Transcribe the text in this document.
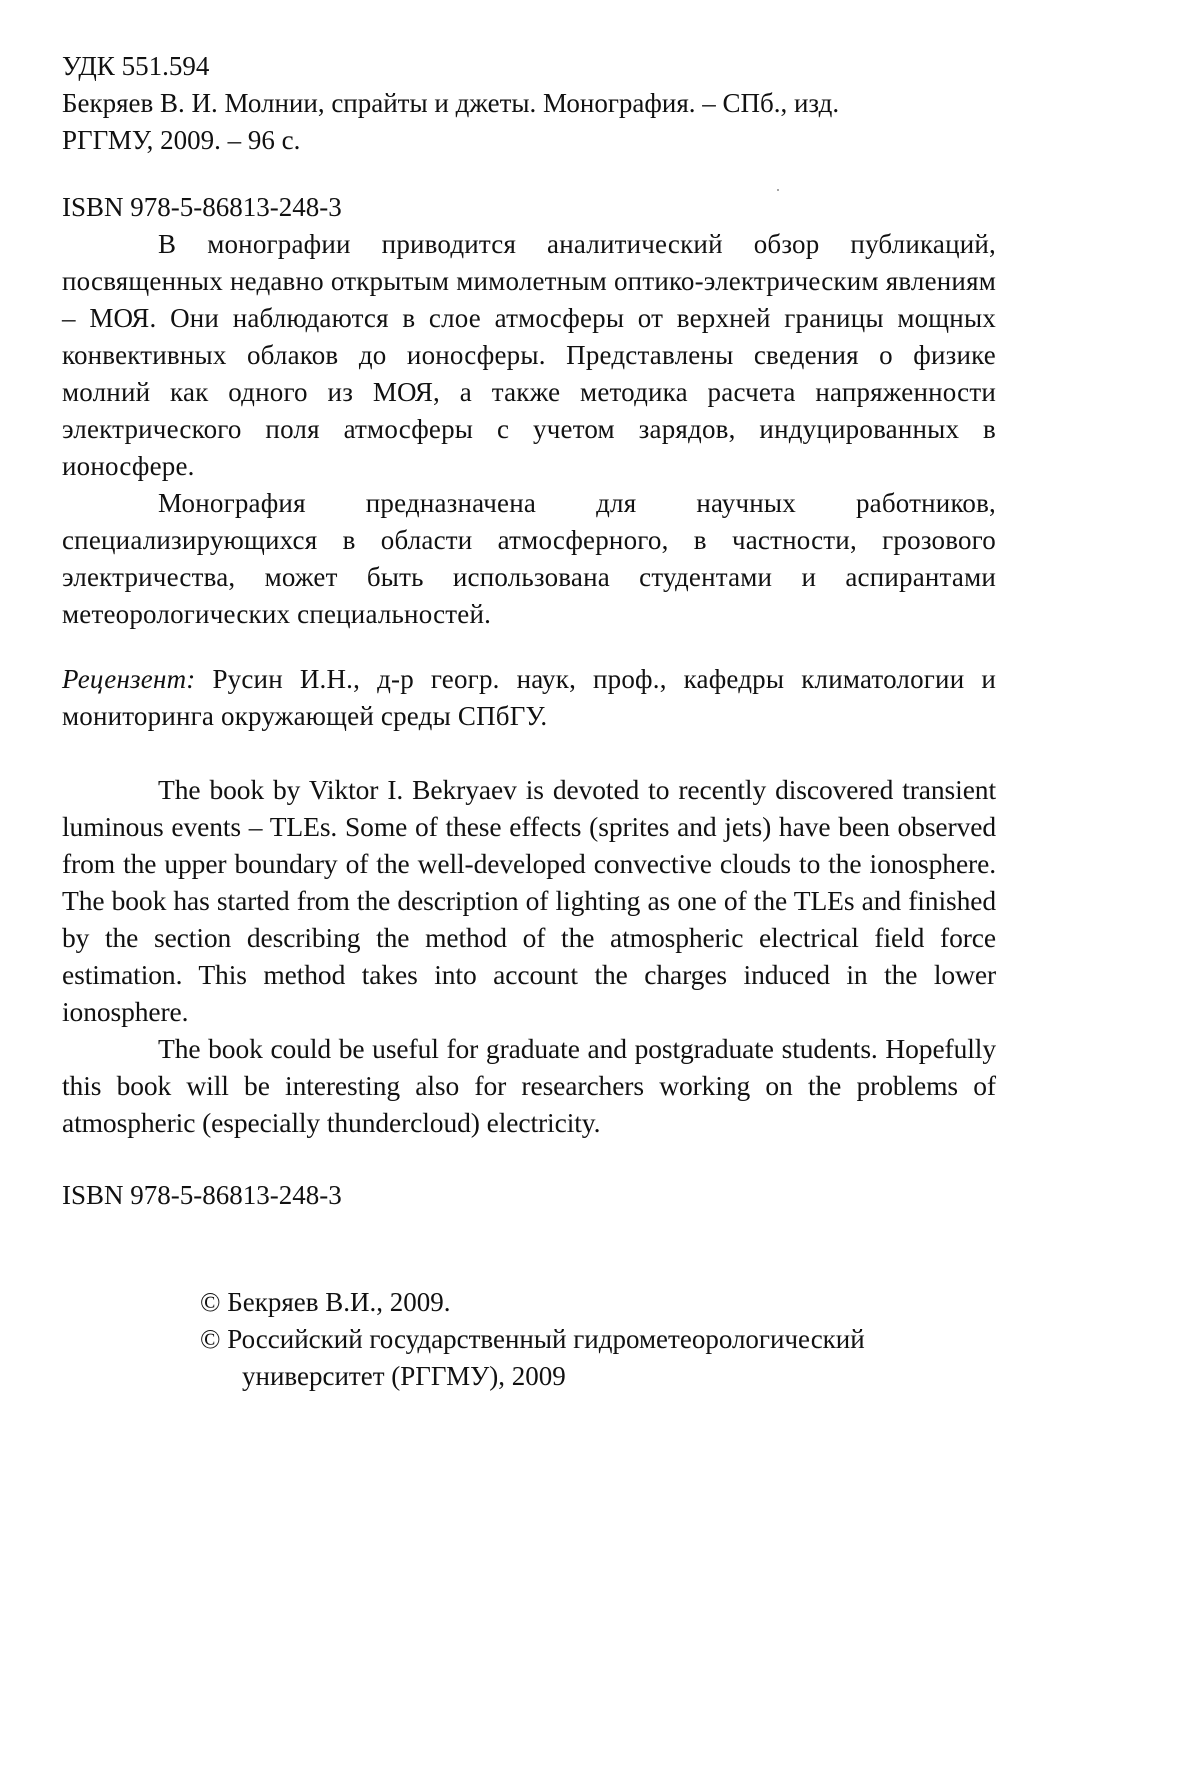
УДК 551.594
Бекряев В. И. Молнии, спрайты и джеты. Монография. – СПб., изд.
РГГМУ, 2009. – 96 с.
ISBN 978-5-86813-248-3

В монографии приводится аналитический обзор публикаций, посвященных недавно открытым мимолетным оптико-электрическим явлениям – МОЯ. Они наблюдаются в слое атмосферы от верхней границы мощных конвективных облаков до ионосферы. Представлены сведения о физике молний как одного из МОЯ, а также методика расчета напряженности электрического поля атмосферы с учетом зарядов, индуцированных в ионосфере.

Монография предназначена для научных работников, специализирующихся в области атмосферного, в частности, грозового электричества, может быть использована студентами и аспирантами метеорологических специальностей.

Рецензент: Русин И.Н., д-р геогр. наук, проф., кафедры климатологии и мониторинга окружающей среды СПбГУ.

The book by Viktor I. Bekryaev is devoted to recently discovered transient luminous events – TLEs. Some of these effects (sprites and jets) have been observed from the upper boundary of the well-developed convective clouds to the ionosphere. The book has started from the description of lighting as one of the TLEs and finished by the section describing the method of the atmospheric electrical field force estimation. This method takes into account the charges induced in the lower ionosphere.

The book could be useful for graduate and postgraduate students. Hopefully this book will be interesting also for researchers working on the problems of atmospheric (especially thundercloud) electricity.

ISBN 978-5-86813-248-3
© Бекряев В.И., 2009.
© Российский государственный гидрометеорологический
университет (РГГМУ), 2009
